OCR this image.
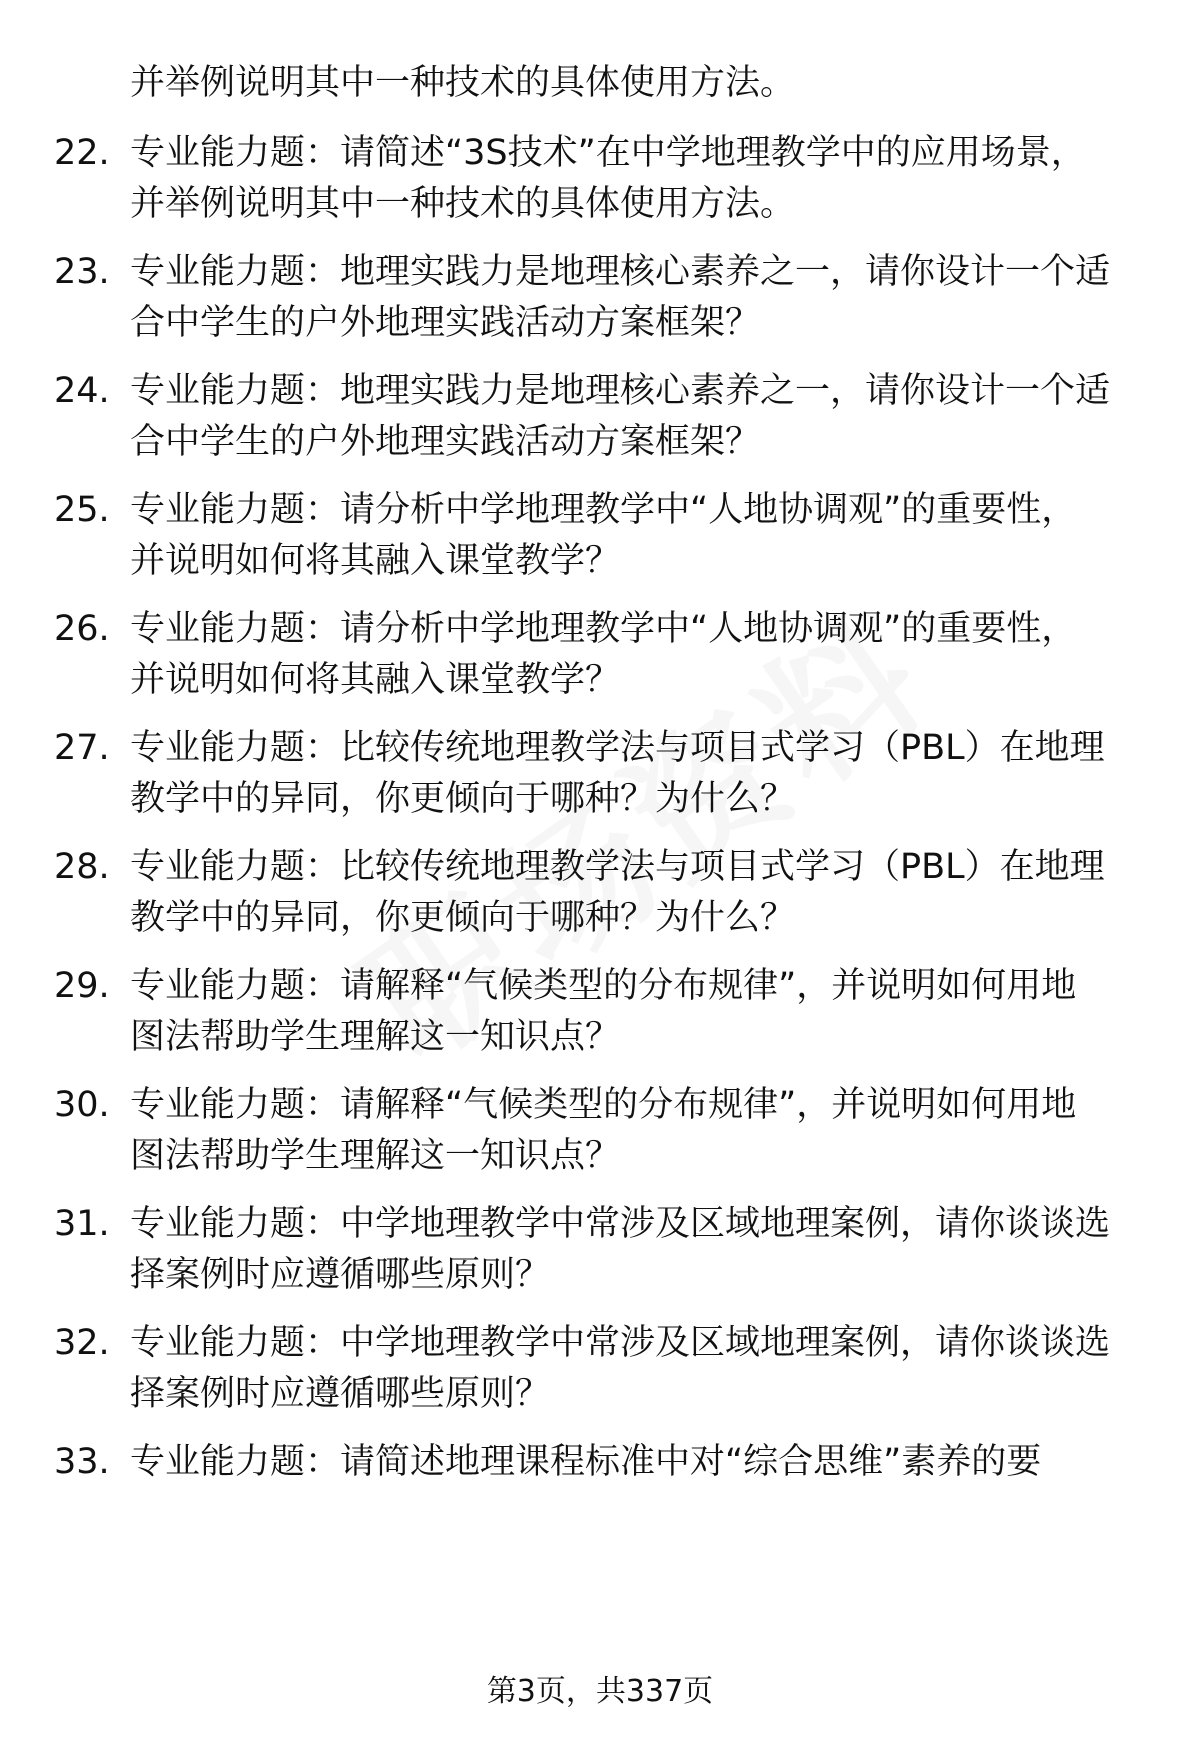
并举例说明其中一种技术的具体使用方法。
22. 专业能力题：请简述“3S技术”在中学地理教学中的应用场景，
并举例说明其中一种技术的具体使用方法。
23. 专业能力题：地理实践力是地理核心素养之一，请你设计一个适
合中学生的户外地理实践活动方案框架？
24. 专业能力题：地理实践力是地理核心素养之一，请你设计一个适
合中学生的户外地理实践活动方案框架？
25. 专业能力题：请分析中学地理教学中“人地协调观”的重要性，
并说明如何将其融入课堂教学？
26. 专业能力题：请分析中学地理教学中“人地协调观”的重要性，
并说明如何将其融入课堂教学？
27. 专业能力题：比较传统地理教学法与项目式学习（PBL）在地理
教学中的异同，你更倾向于哪种？为什么？
28. 专业能力题：比较传统地理教学法与项目式学习（PBL）在地理
教学中的异同，你更倾向于哪种？为什么？
29. 专业能力题：请解释“气候类型的分布规律”，并说明如何用地
图法帮助学生理解这一知识点？
30. 专业能力题：请解释“气候类型的分布规律”，并说明如何用地
图法帮助学生理解这一知识点？
31. 专业能力题：中学地理教学中常涉及区域地理案例，请你谈谈选
择案例时应遵循哪些原则？
32. 专业能力题：中学地理教学中常涉及区域地理案例，请你谈谈选
择案例时应遵循哪些原则？
33. 专业能力题：请简述地理课程标准中对“综合思维”素养的要
第3页，共337页
